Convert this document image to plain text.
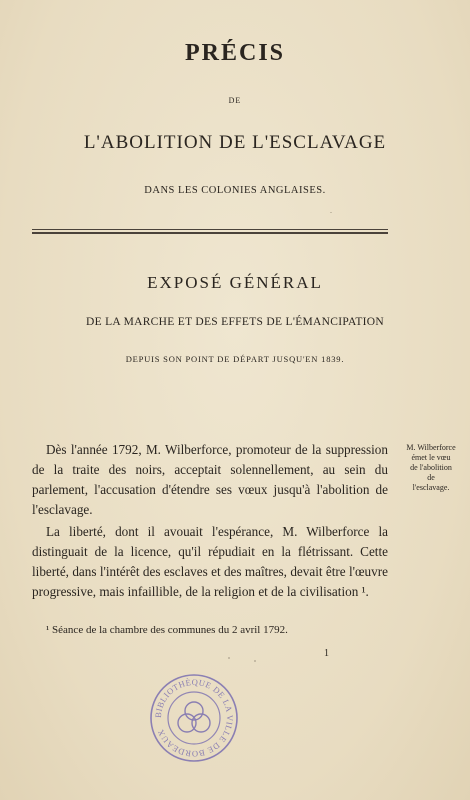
PRÉCIS
DE
L'ABOLITION DE L'ESCLAVAGE
DANS LES COLONIES ANGLAISES.
EXPOSÉ GÉNÉRAL
DE LA MARCHE ET DES EFFETS DE L'ÉMANCIPATION
DEPUIS SON POINT DE DÉPART JUSQU'EN 1839.
Dès l'année 1792, M. Wilberforce, promoteur de la suppression de la traite des noirs, acceptait solennellement, au sein du parlement, l'accusation d'étendre ses vœux jusqu'à l'abolition de l'esclavage.
La liberté, dont il avouait l'espérance, M. Wilberforce la distinguait de la licence, qu'il répudiait en la flétrissant. Cette liberté, dans l'intérêt des esclaves et des maîtres, devait être l'œuvre progressive, mais infaillible, de la religion et de la civilisation ¹.
M. Wilberforce
émet le vœu
de l'abolition
de
l'esclavage.
¹ Séance de la chambre des communes du 2 avril 1792.
1
BIBLIOTHÈQUE DE LA VILLE DE BORDEAUX
